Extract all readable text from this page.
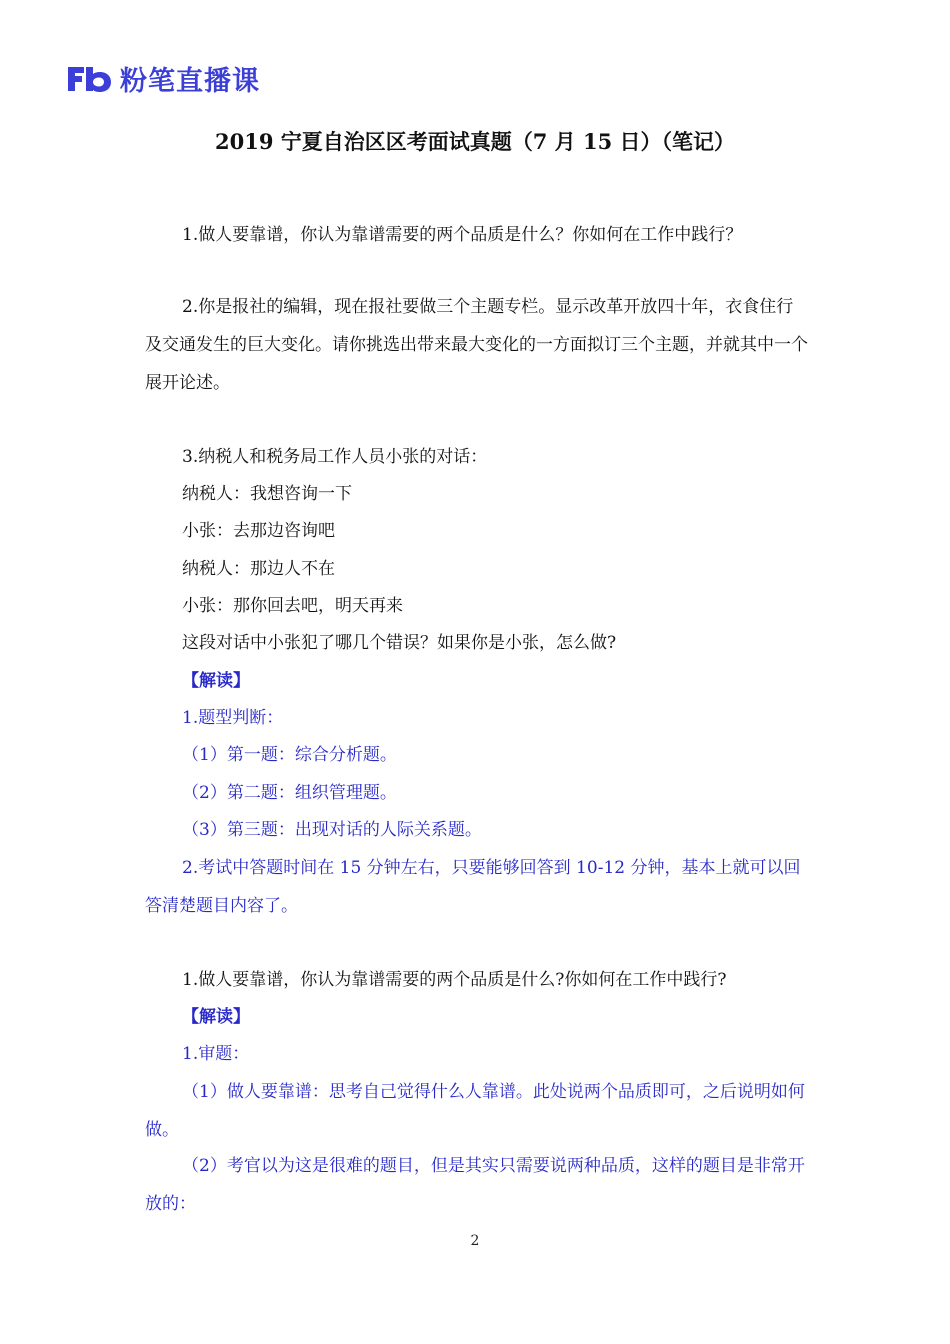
粉笔直播课
2019 宁夏自治区区考面试真题（7 月 15 日）（笔记）

1.做人要靠谱，你认为靠谱需要的两个品质是什么？你如何在工作中践行？

2.你是报社的编辑，现在报社要做三个主题专栏。显示改革开放四十年，衣食住行及交通发生的巨大变化。请你挑选出带来最大变化的一方面拟订三个主题，并就其中一个展开论述。

3.纳税人和税务局工作人员小张的对话：

纳税人：我想咨询一下

小张：去那边咨询吧

纳税人：那边人不在

小张：那你回去吧，明天再来

这段对话中小张犯了哪几个错误？如果你是小张，怎么做?

【解读】

1.题型判断：

（1）第一题：综合分析题。

（2）第二题：组织管理题。

（3）第三题：出现对话的人际关系题。

2.考试中答题时间在 15 分钟左右，只要能够回答到 10-12 分钟，基本上就可以回答清楚题目内容了。

1.做人要靠谱，你认为靠谱需要的两个品质是什么?你如何在工作中践行?

【解读】

1.审题：

（1）做人要靠谱：思考自己觉得什么人靠谱。此处说两个品质即可，之后说明如何做。

（2）考官以为这是很难的题目，但是其实只需要说两种品质，这样的题目是非常开放的：

2
